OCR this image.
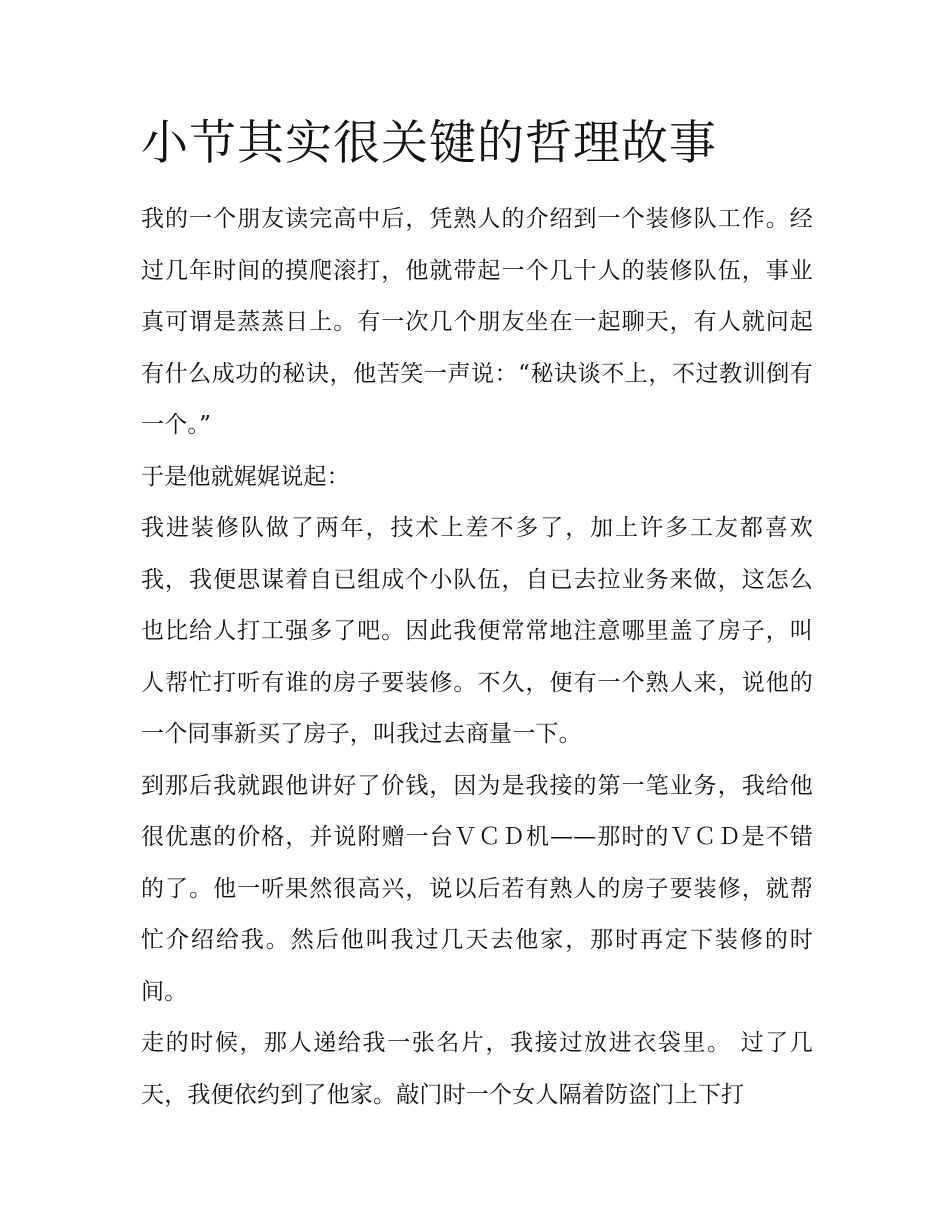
小节其实很关键的哲理故事

我的一个朋友读完高中后，凭熟人的介绍到一个装修队工作。经过几年时间的摸爬滚打，他就带起一个几十人的装修队伍，事业真可谓是蒸蒸日上。有一次几个朋友坐在一起聊天，有人就问起有什么成功的秘诀，他苦笑一声说：“秘诀谈不上，不过教训倒有一个。”

于是他就娓娓说起：

我进装修队做了两年，技术上差不多了，加上许多工友都喜欢我，我便思谋着自已组成个小队伍，自已去拉业务来做，这怎么也比给人打工强多了吧。因此我便常常地注意哪里盖了房子，叫人帮忙打听有谁的房子要装修。不久，便有一个熟人来，说他的一个同事新买了房子，叫我过去商量一下。

到那后我就跟他讲好了价钱，因为是我接的第一笔业务，我给他很优惠的价格，并说附赠一台ＶＣＤ机——那时的ＶＣＤ是不错的了。他一听果然很高兴，说以后若有熟人的房子要装修，就帮忙介绍给我。然后他叫我过几天去他家，那时再定下装修的时间。

走的时候，那人递给我一张名片，我接过放进衣袋里。 过了几天，我便依约到了他家。敲门时一个女人隔着防盗门上下打
